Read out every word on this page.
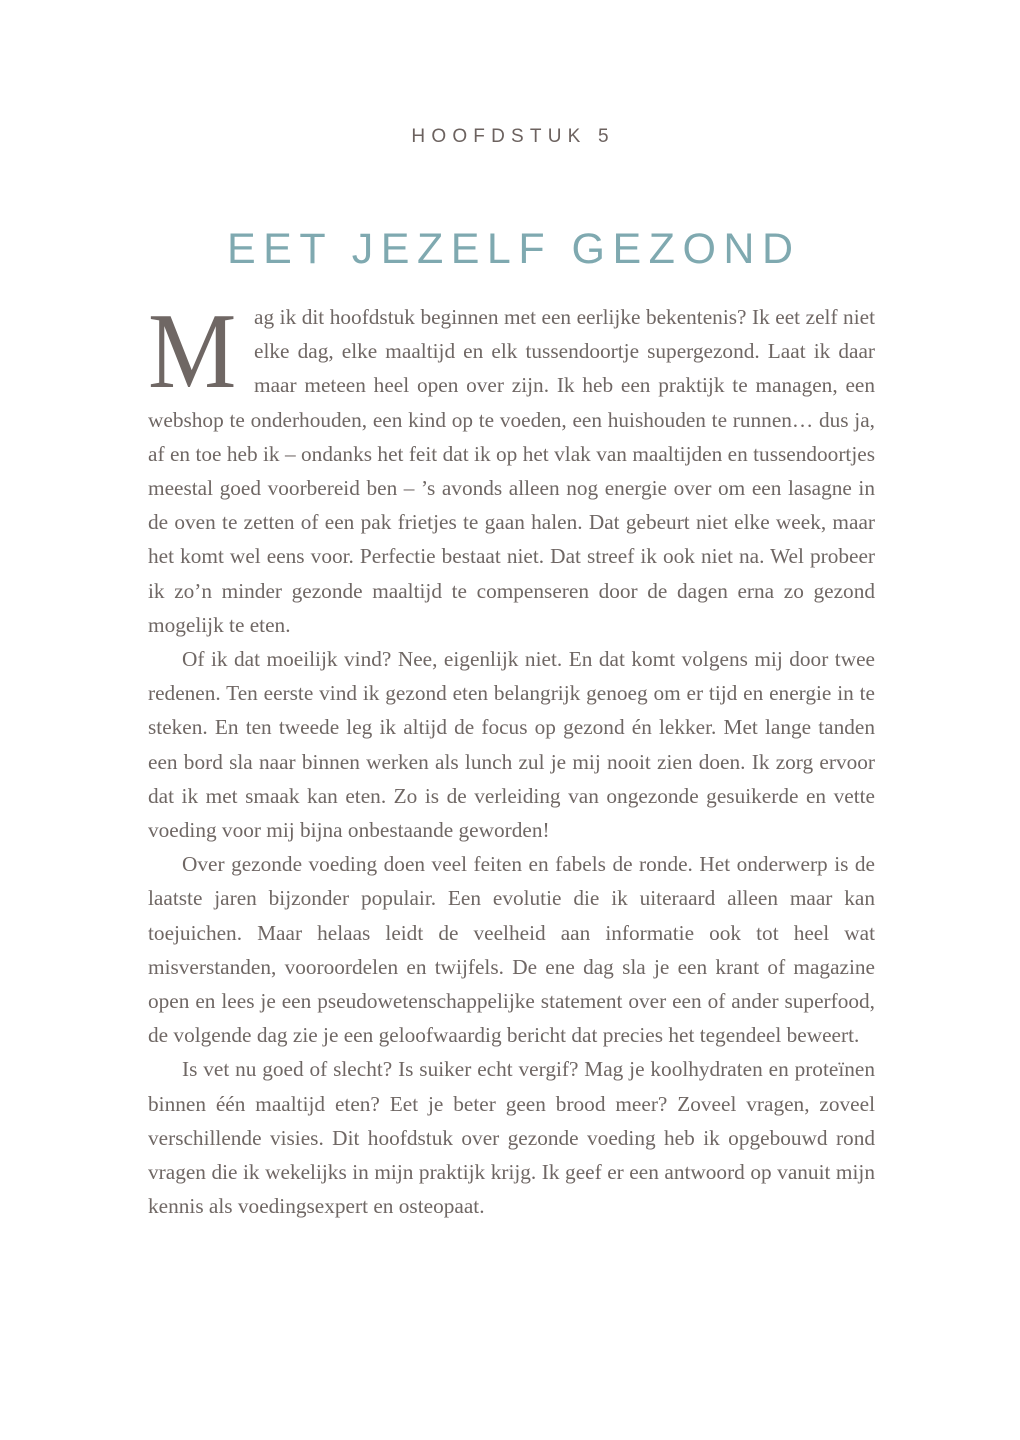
HOOFDSTUK 5
EET JEZELF GEZOND

Mag ik dit hoofdstuk beginnen met een eerlijke bekentenis? Ik eet zelf niet elke dag, elke maaltijd en elk tussendoortje supergezond. Laat ik daar maar meteen heel open over zijn. Ik heb een praktijk te managen, een webshop te onderhouden, een kind op te voeden, een huishouden te runnen… dus ja, af en toe heb ik – ondanks het feit dat ik op het vlak van maaltijden en tussendoortjes meestal goed voorbereid ben – ’s avonds alleen nog energie over om een lasagne in de oven te zetten of een pak frietjes te gaan halen. Dat gebeurt niet elke week, maar het komt wel eens voor. Perfectie bestaat niet. Dat streef ik ook niet na. Wel probeer ik zo’n minder gezonde maaltijd te compenseren door de dagen erna zo gezond mogelijk te eten.

Of ik dat moeilijk vind? Nee, eigenlijk niet. En dat komt volgens mij door twee redenen. Ten eerste vind ik gezond eten belangrijk genoeg om er tijd en energie in te steken. En ten tweede leg ik altijd de focus op gezond én lekker. Met lange tanden een bord sla naar binnen werken als lunch zul je mij nooit zien doen. Ik zorg ervoor dat ik met smaak kan eten. Zo is de verleiding van ongezonde gesuikerde en vette voeding voor mij bijna onbestaande geworden!

Over gezonde voeding doen veel feiten en fabels de ronde. Het onderwerp is de laatste jaren bijzonder populair. Een evolutie die ik uiteraard alleen maar kan toejuichen. Maar helaas leidt de veelheid aan informatie ook tot heel wat misverstanden, vooroordelen en twijfels. De ene dag sla je een krant of magazine open en lees je een pseudowetenschappelijke statement over een of ander superfood, de volgende dag zie je een geloofwaardig bericht dat precies het tegendeel beweert.

Is vet nu goed of slecht? Is suiker echt vergif? Mag je koolhydraten en proteïnen binnen één maaltijd eten? Eet je beter geen brood meer? Zoveel vragen, zoveel verschillende visies. Dit hoofdstuk over gezonde voeding heb ik opgebouwd rond vragen die ik wekelijks in mijn praktijk krijg. Ik geef er een antwoord op vanuit mijn kennis als voedingsexpert en osteopaat.
